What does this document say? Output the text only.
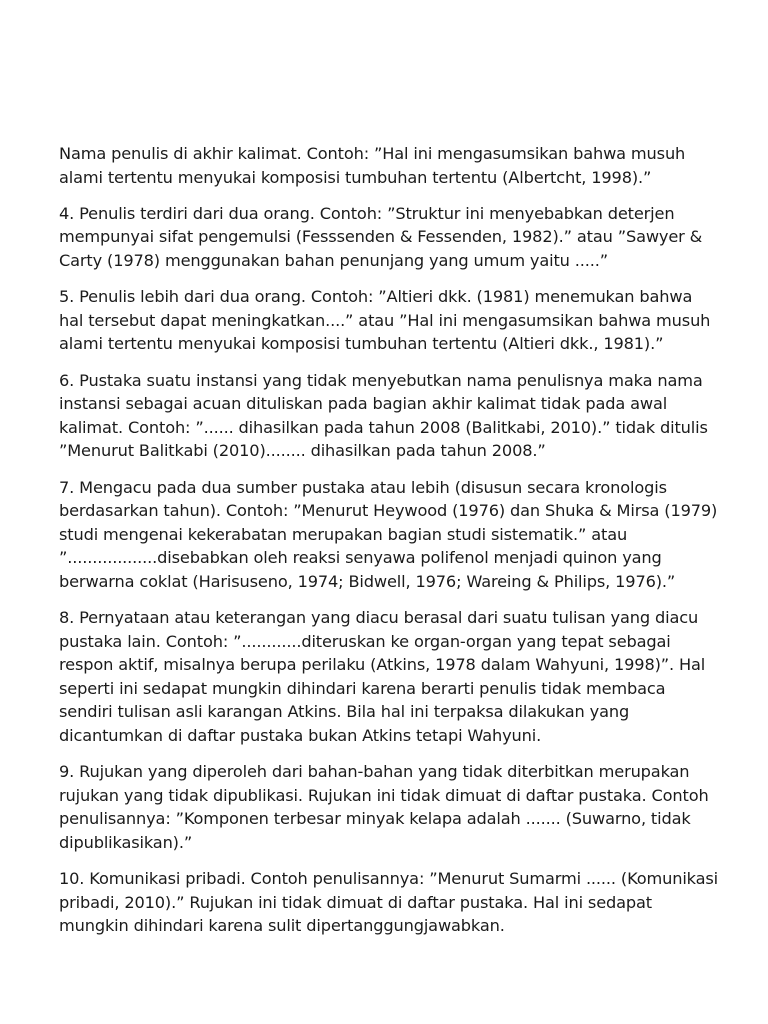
Nama penulis di akhir kalimat. Contoh: ”Hal ini mengasumsikan bahwa musuh alami tertentu menyukai komposisi tumbuhan tertentu (Albertcht, 1998).”

4. Penulis terdiri dari dua orang. Contoh: ”Struktur ini menyebabkan deterjen mempunyai sifat pengemulsi (Fesssenden & Fessenden, 1982).” atau ”Sawyer & Carty (1978) menggunakan bahan penunjang yang umum yaitu .....”

5. Penulis lebih dari dua orang. Contoh: ”Altieri dkk. (1981) menemukan bahwa hal tersebut dapat meningkatkan....” atau ”Hal ini mengasumsikan bahwa musuh alami tertentu menyukai komposisi tumbuhan tertentu (Altieri dkk., 1981).”

6. Pustaka suatu instansi yang tidak menyebutkan nama penulisnya maka nama instansi sebagai acuan dituliskan pada bagian akhir kalimat tidak pada awal kalimat. Contoh: ”...... dihasilkan pada tahun 2008 (Balitkabi, 2010).” tidak ditulis ”Menurut Balitkabi (2010)........ dihasilkan pada tahun 2008.”

7. Mengacu pada dua sumber pustaka atau lebih (disusun secara kronologis berdasarkan tahun). Contoh: ”Menurut Heywood (1976) dan Shuka & Mirsa (1979) studi mengenai kekerabatan merupakan bagian studi sistematik.” atau ”..................disebabkan oleh reaksi senyawa polifenol menjadi quinon yang berwarna coklat (Harisuseno, 1974; Bidwell, 1976; Wareing & Philips, 1976).”

8. Pernyataan atau keterangan yang diacu berasal dari suatu tulisan yang diacu pustaka lain. Contoh: ”............diteruskan ke organ-organ yang tepat sebagai respon aktif, misalnya berupa perilaku (Atkins, 1978 dalam Wahyuni, 1998)”. Hal seperti ini sedapat mungkin dihindari karena berarti penulis tidak membaca sendiri tulisan asli karangan Atkins. Bila hal ini terpaksa dilakukan yang dicantumkan di daftar pustaka bukan Atkins tetapi Wahyuni.

9. Rujukan yang diperoleh dari bahan-bahan yang tidak diterbitkan merupakan rujukan yang tidak dipublikasi. Rujukan ini tidak dimuat di daftar pustaka. Contoh penulisannya: ”Komponen terbesar minyak kelapa adalah ....... (Suwarno, tidak dipublikasikan).”

10. Komunikasi pribadi. Contoh penulisannya: ”Menurut Sumarmi ...... (Komunikasi pribadi, 2010).” Rujukan ini tidak dimuat di daftar pustaka. Hal ini sedapat mungkin dihindari karena sulit dipertanggungjawabkan.
